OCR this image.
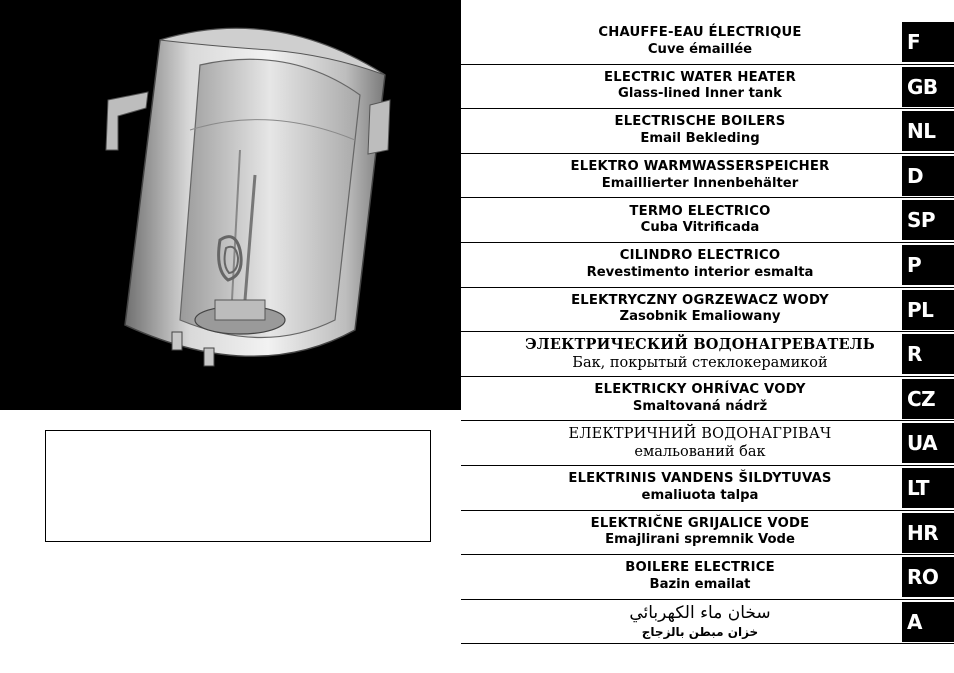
CHAUFFE-EAU ÉLECTRIQUE
Cuve émaillée	F
ELECTRIC WATER HEATER
Glass-lined Inner tank	GB
ELECTRISCHE BOILERS
Email Bekleding	NL
ELEKTRO WARMWASSERSPEICHER
Emaillierter Innenbehälter	D
TERMO ELECTRICO
Cuba Vitrificada	SP
CILINDRO ELECTRICO
Revestimento interior esmalta	P
ELEKTRYCZNY OGRZEWACZ WODY
Zasobnik Emaliowany	PL
ЭЛЕКТРИЧЕСКИЙ ВОДОНАГРЕВАТЕЛЬ
Бак, покрытый стеклокерамикой	R
ELEKTRICKY OHRÍVAC VODY
Smaltovaná nádrž	CZ
ЕЛЕКТРИЧНИЙ ВОДОНАГРІВАЧ
емальований бак	UA
ELEKTRINIS VANDENS ŠILDYTUVAS
emaliuota talpa	LT
ELEKTRIČNE GRIJALICE VODE
Emajlirani spremnik Vode	HR
BOILERE ELECTRICE
Bazin emailat	RO
سخان ماء الكهربائي
خزان مبطن بالزجاج	A
